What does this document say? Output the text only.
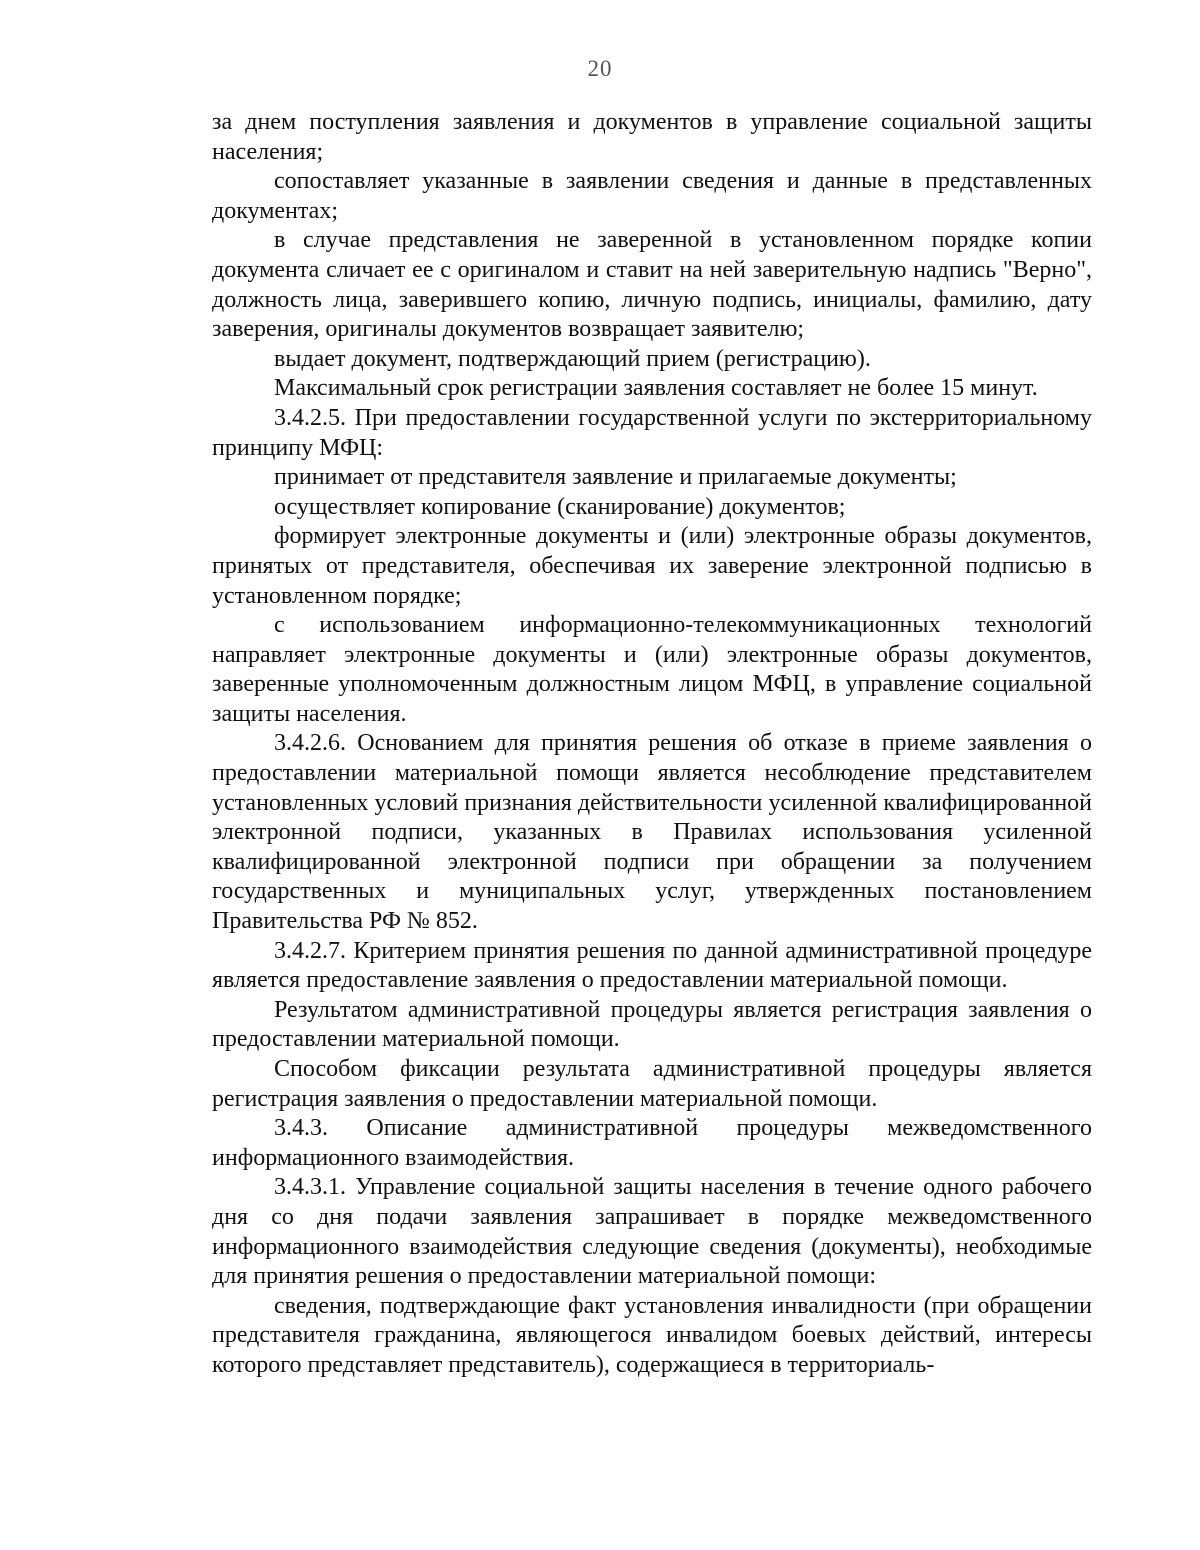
20

за днем поступления заявления и документов в управление социальной защиты населения;

сопоставляет указанные в заявлении сведения и данные в представленных документах;

в случае представления не заверенной в установленном порядке копии документа сличает ее с оригиналом и ставит на ней заверительную надпись "Верно", должность лица, заверившего копию, личную подпись, инициалы, фамилию, дату заверения, оригиналы документов возвращает заявителю;

выдает документ, подтверждающий прием (регистрацию).

Максимальный срок регистрации заявления составляет не более 15 минут.

3.4.2.5. При предоставлении государственной услуги по экстерриториальному принципу МФЦ:

принимает от представителя заявление и прилагаемые документы;

осуществляет копирование (сканирование) документов;

формирует электронные документы и (или) электронные образы документов, принятых от представителя, обеспечивая их заверение электронной подписью в установленном порядке;

с использованием информационно-телекоммуникационных технологий направляет электронные документы и (или) электронные образы документов, заверенные уполномоченным должностным лицом МФЦ, в управление социальной защиты населения.

3.4.2.6. Основанием для принятия решения об отказе в приеме заявления о предоставлении материальной помощи является несоблюдение представителем установленных условий признания действительности усиленной квалифицированной электронной подписи, указанных в Правилах использования усиленной квалифицированной электронной подписи при обращении за получением государственных и муниципальных услуг, утвержденных постановлением Правительства РФ № 852.

3.4.2.7. Критерием принятия решения по данной административной процедуре является предоставление заявления о предоставлении материальной помощи.

Результатом административной процедуры является регистрация заявления о предоставлении материальной помощи.

Способом фиксации результата административной процедуры является регистрация заявления о предоставлении материальной помощи.

3.4.3. Описание административной процедуры межведомственного информационного взаимодействия.

3.4.3.1. Управление социальной защиты населения в течение одного рабочего дня со дня подачи заявления запрашивает в порядке межведомственного информационного взаимодействия следующие сведения (документы), необходимые для принятия решения о предоставлении материальной помощи:

сведения, подтверждающие факт установления инвалидности (при обращении представителя гражданина, являющегося инвалидом боевых действий, интересы которого представляет представитель), содержащиеся в территориаль-
